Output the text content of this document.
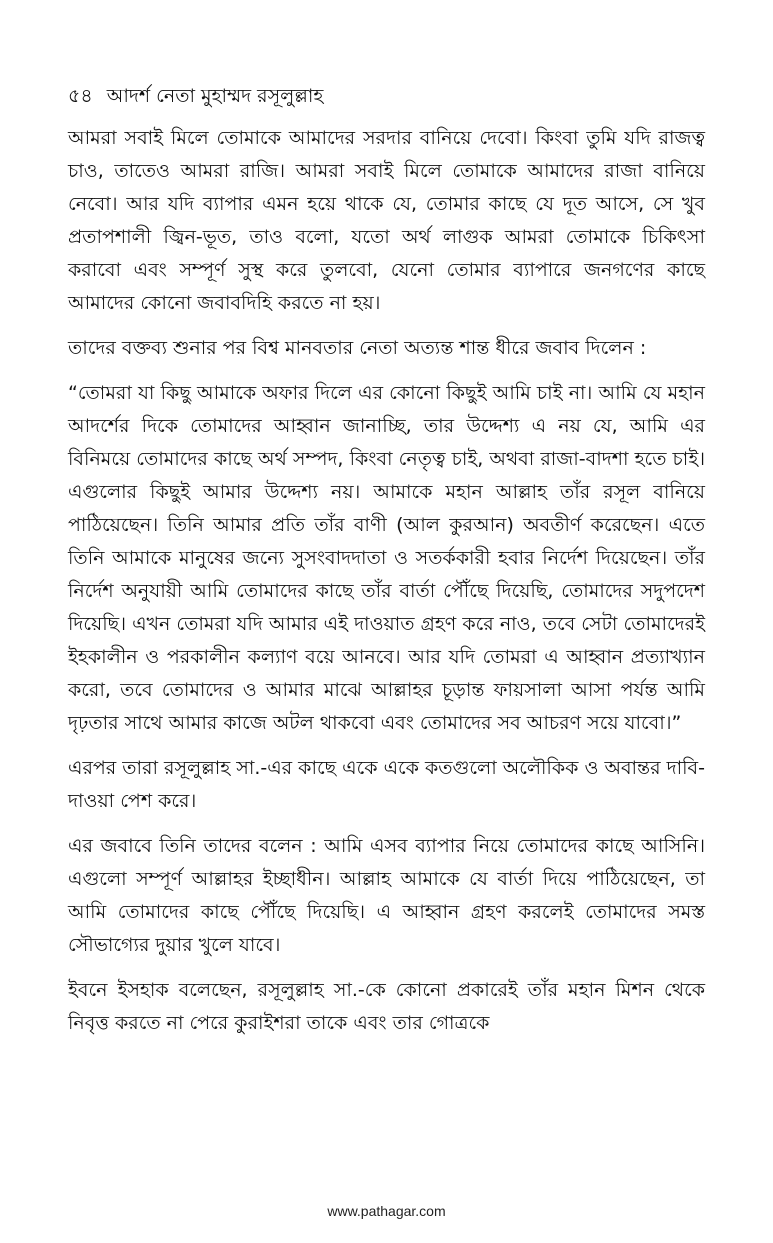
৫৪ আদর্শ নেতা মুহাম্মদ রসূলুল্লাহ

আমরা সবাই মিলে তোমাকে আমাদের সরদার বানিয়ে দেবো। কিংবা তুমি যদি রাজত্ব চাও, তাতেও আমরা রাজি। আমরা সবাই মিলে তোমাকে আমাদের রাজা বানিয়ে নেবো। আর যদি ব্যাপার এমন হয়ে থাকে যে, তোমার কাছে যে দূত আসে, সে খুব প্রতাপশালী জ্বিন-ভূত, তাও বলো, যতো অর্থ লাগুক আমরা তোমাকে চিকিৎসা করাবো এবং সম্পূর্ণ সুস্থ করে তুলবো, যেনো তোমার ব্যাপারে জনগণের কাছে আমাদের কোনো জবাবদিহি করতে না হয়।

তাদের বক্তব্য শুনার পর বিশ্ব মানবতার নেতা অত্যন্ত শান্ত ধীরে জবাব দিলেন :

“তোমরা যা কিছু আমাকে অফার দিলে এর কোনো কিছুই আমি চাই না। আমি যে মহান আদর্শের দিকে তোমাদের আহ্বান জানাচ্ছি, তার উদ্দেশ্য এ নয় যে, আমি এর বিনিময়ে তোমাদের কাছে অর্থ সম্পদ, কিংবা নেতৃত্ব চাই, অথবা রাজা-বাদশা হতে চাই। এগুলোর কিছুই আমার উদ্দেশ্য নয়। আমাকে মহান আল্লাহ তাঁর রসূল বানিয়ে পাঠিয়েছেন। তিনি আমার প্রতি তাঁর বাণী (আল কুরআন) অবতীর্ণ করেছেন। এতে তিনি আমাকে মানুষের জন্যে সুসংবাদদাতা ও সতর্ককারী হবার নির্দেশ দিয়েছেন। তাঁর নির্দেশ অনুযায়ী আমি তোমাদের কাছে তাঁর বার্তা পৌঁছে দিয়েছি, তোমাদের সদুপদেশ দিয়েছি। এখন তোমরা যদি আমার এই দাওয়াত গ্রহণ করে নাও, তবে সেটা তোমাদেরই ইহকালীন ও পরকালীন কল্যাণ বয়ে আনবে। আর যদি তোমরা এ আহ্বান প্রত্যাখ্যান করো, তবে তোমাদের ও আমার মাঝে আল্লাহর চূড়ান্ত ফায়সালা আসা পর্যন্ত আমি দৃঢ়তার সাথে আমার কাজে অটল থাকবো এবং তোমাদের সব আচরণ সয়ে যাবো।”

এরপর তারা রসূলুল্লাহ সা.-এর কাছে একে একে কতগুলো অলৌকিক ও অবান্তর দাবি-দাওয়া পেশ করে।

এর জবাবে তিনি তাদের বলেন : আমি এসব ব্যাপার নিয়ে তোমাদের কাছে আসিনি। এগুলো সম্পূর্ণ আল্লাহর ইচ্ছাধীন। আল্লাহ আমাকে যে বার্তা দিয়ে পাঠিয়েছেন, তা আমি তোমাদের কাছে পৌঁছে দিয়েছি। এ আহ্বান গ্রহণ করলেই তোমাদের সমস্ত সৌভাগ্যের দুয়ার খুলে যাবে।

ইবনে ইসহাক বলেছেন, রসূলুল্লাহ সা.-কে কোনো প্রকারেই তাঁর মহান মিশন থেকে নিবৃত্ত করতে না পেরে কুরাইশরা তাকে এবং তার গোত্রকে

www.pathagar.com
